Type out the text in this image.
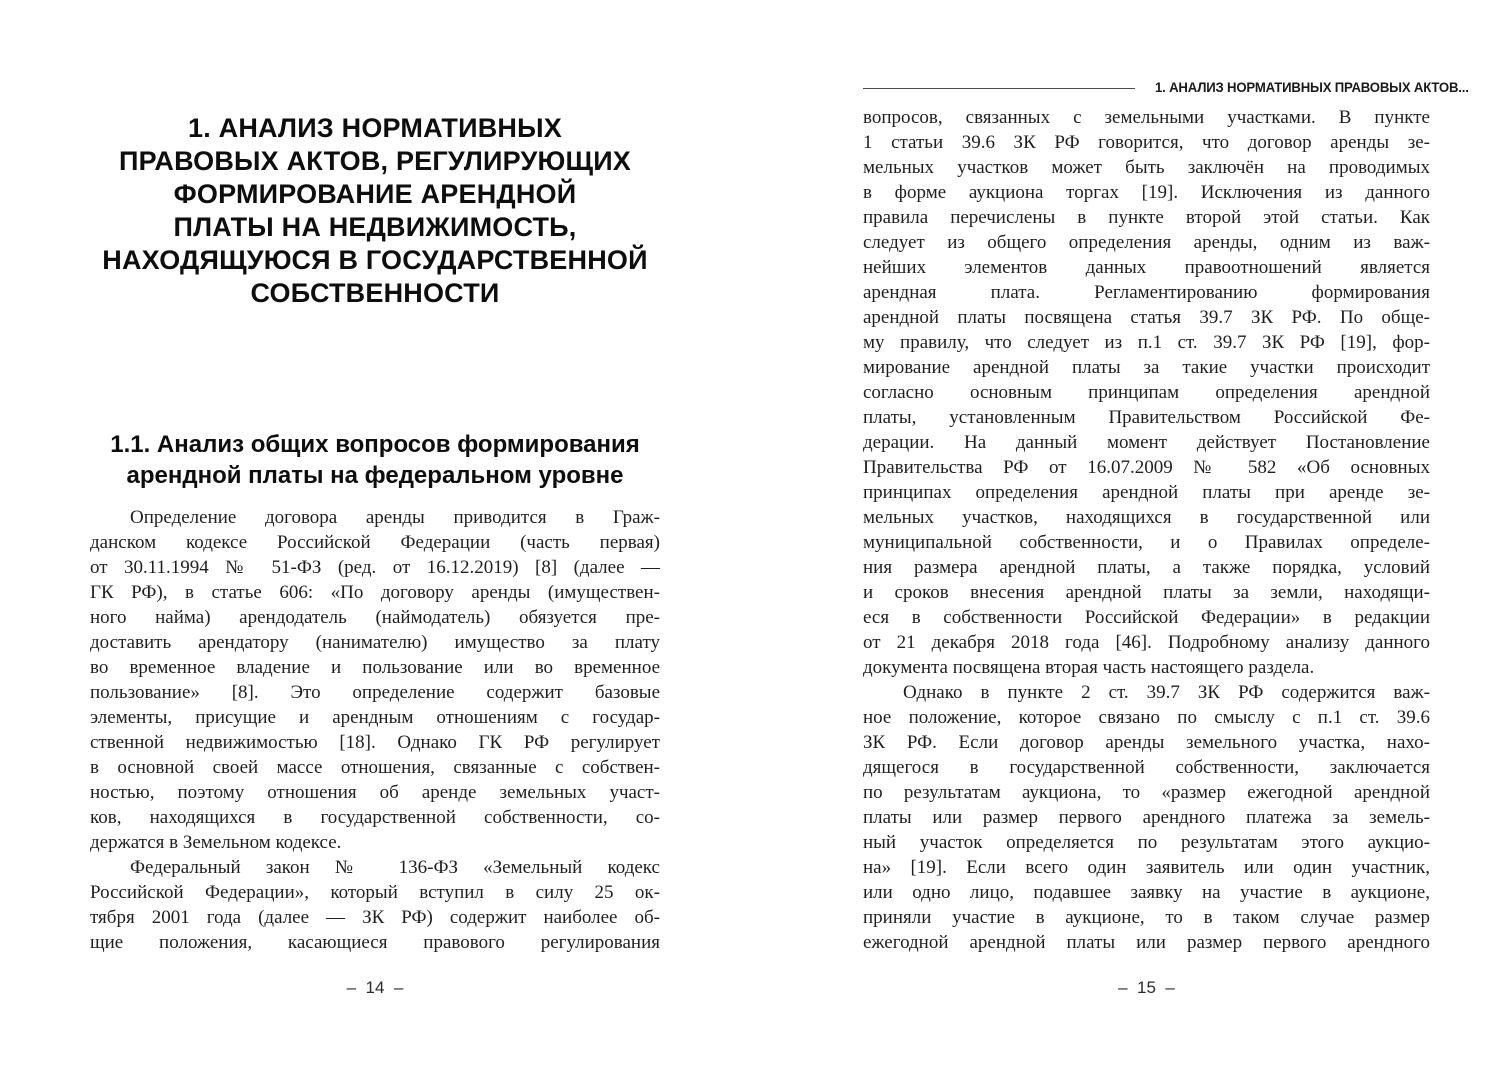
1. АНАЛИЗ НОРМАТИВНЫХ
ПРАВОВЫХ АКТОВ, РЕГУЛИРУЮЩИХ
ФОРМИРОВАНИЕ АРЕНДНОЙ
ПЛАТЫ НА НЕДВИЖИМОСТЬ,
НАХОДЯЩУЮСЯ В ГОСУДАРСТВЕННОЙ
СОБСТВЕННОСТИ
1.1. Анализ общих вопросов формирования
арендной платы на федеральном уровне
Определение договора аренды приводится в Граж-
данском кодексе Российской Федерации (часть первая)
от 30.11.1994 № 51-ФЗ (ред. от 16.12.2019) [8] (далее —
ГК РФ), в статье 606: «По договору аренды (имуществен-
ного найма) арендодатель (наймодатель) обязуется пре-
доставить арендатору (нанимателю) имущество за плату
во временное владение и пользование или во временное
пользование» [8]. Это определение содержит базовые
элементы, присущие и арендным отношениям с государ-
ственной недвижимостью [18]. Однако ГК РФ регулирует
в основной своей массе отношения, связанные с собствен-
ностью, поэтому отношения об аренде земельных участ-
ков, находящихся в государственной собственности, со-
держатся в Земельном кодексе.
Федеральный закон № 136-ФЗ «Земельный кодекс
Российской Федерации», который вступил в силу 25 ок-
тября 2001 года (далее — ЗК РФ) содержит наиболее об-
щие положения, касающиеся правового регулирования
–  14  –
1. АНАЛИЗ НОРМАТИВНЫХ ПРАВОВЫХ АКТОВ...
вопросов, связанных с земельными участками. В пункте
1 статьи 39.6 ЗК РФ говорится, что договор аренды зе-
мельных участков может быть заключён на проводимых
в форме аукциона торгах [19]. Исключения из данного
правила перечислены в пункте второй этой статьи. Как
следует из общего определения аренды, одним из важ-
нейших элементов данных правоотношений является
арендная плата. Регламентированию формирования
арендной платы посвящена статья 39.7 ЗК РФ. По обще-
му правилу, что следует из п.1 ст. 39.7 ЗК РФ [19], фор-
мирование арендной платы за такие участки происходит
согласно основным принципам определения арендной
платы, установленным Правительством Российской Фе-
дерации. На данный момент действует Постановление
Правительства РФ от 16.07.2009 № 582 «Об основных
принципах определения арендной платы при аренде зе-
мельных участков, находящихся в государственной или
муниципальной собственности, и о Правилах определе-
ния размера арендной платы, а также порядка, условий
и сроков внесения арендной платы за земли, находящи-
еся в собственности Российской Федерации» в редакции
от 21 декабря 2018 года [46]. Подробному анализу данного
документа посвящена вторая часть настоящего раздела.
Однако в пункте 2 ст. 39.7 ЗК РФ содержится важ-
ное положение, которое связано по смыслу с п.1 ст. 39.6
ЗК РФ. Если договор аренды земельного участка, нахо-
дящегося в государственной собственности, заключается
по результатам аукциона, то «размер ежегодной арендной
платы или размер первого арендного платежа за земель-
ный участок определяется по результатам этого аукцио-
на» [19]. Если всего один заявитель или один участник,
или одно лицо, подавшее заявку на участие в аукционе,
приняли участие в аукционе, то в таком случае размер
ежегодной арендной платы или размер первого арендного
–  15  –
